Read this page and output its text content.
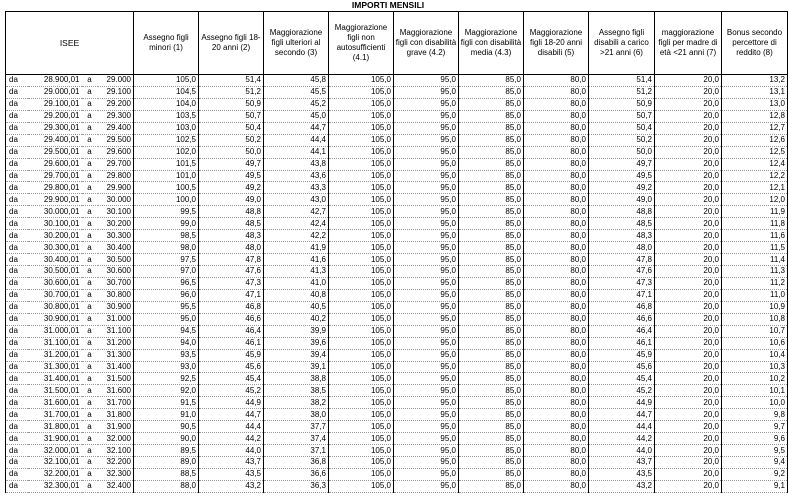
IMPORTI MENSILI
ISEE				Assegno figli minori (1)	Assegno figli 18-20 anni (2)	Maggiorazione figli ulteriori al secondo (3)	Maggiorazione figli non autosufficienti (4.1)	Maggiorazione figli con disabilità grave (4.2)	Maggiorazione figli con disabilità media (4.3)	Maggiorazione figli 18-20 anni disabili (5)	Assegno figli disabili a carico >21 anni (6)	maggiorazione figli per madre di età <21 anni (7)	Bonus secondo percettore di reddito (8)
da	28.900,01	a	29.000	105,0	51,4	45,8	105,0	95,0	85,0	80,0	51,4	20,0	13,2
da	29.000,01	a	29.100	104,5	51,2	45,5	105,0	95,0	85,0	80,0	51,2	20,0	13,1
da	29.100,01	a	29.200	104,0	50,9	45,2	105,0	95,0	85,0	80,0	50,9	20,0	13,0
da	29.200,01	a	29.300	103,5	50,7	45,0	105,0	95,0	85,0	80,0	50,7	20,0	12,8
da	29.300,01	a	29.400	103,0	50,4	44,7	105,0	95,0	85,0	80,0	50,4	20,0	12,7
da	29.400,01	a	29.500	102,5	50,2	44,4	105,0	95,0	85,0	80,0	50,2	20,0	12,6
da	29.500,01	a	29.600	102,0	50,0	44,1	105,0	95,0	85,0	80,0	50,0	20,0	12,5
da	29.600,01	a	29.700	101,5	49,7	43,8	105,0	95,0	85,0	80,0	49,7	20,0	12,4
da	29.700,01	a	29.800	101,0	49,5	43,6	105,0	95,0	85,0	80,0	49,5	20,0	12,2
da	29.800,01	a	29.900	100,5	49,2	43,3	105,0	95,0	85,0	80,0	49,2	20,0	12,1
da	29.900,01	a	30.000	100,0	49,0	43,0	105,0	95,0	85,0	80,0	49,0	20,0	12,0
da	30.000,01	a	30.100	99,5	48,8	42,7	105,0	95,0	85,0	80,0	48,8	20,0	11,9
da	30.100,01	a	30.200	99,0	48,5	42,4	105,0	95,0	85,0	80,0	48,5	20,0	11,8
da	30.200,01	a	30.300	98,5	48,3	42,2	105,0	95,0	85,0	80,0	48,3	20,0	11,6
da	30.300,01	a	30.400	98,0	48,0	41,9	105,0	95,0	85,0	80,0	48,0	20,0	11,5
da	30.400,01	a	30.500	97,5	47,8	41,6	105,0	95,0	85,0	80,0	47,8	20,0	11,4
da	30.500,01	a	30.600	97,0	47,6	41,3	105,0	95,0	85,0	80,0	47,6	20,0	11,3
da	30.600,01	a	30.700	96,5	47,3	41,0	105,0	95,0	85,0	80,0	47,3	20,0	11,2
da	30.700,01	a	30.800	96,0	47,1	40,8	105,0	95,0	85,0	80,0	47,1	20,0	11,0
da	30.800,01	a	30.900	95,5	46,8	40,5	105,0	95,0	85,0	80,0	46,8	20,0	10,9
da	30.900,01	a	31.000	95,0	46,6	40,2	105,0	95,0	85,0	80,0	46,6	20,0	10,8
da	31.000,01	a	31.100	94,5	46,4	39,9	105,0	95,0	85,0	80,0	46,4	20,0	10,7
da	31.100,01	a	31.200	94,0	46,1	39,6	105,0	95,0	85,0	80,0	46,1	20,0	10,6
da	31.200,01	a	31.300	93,5	45,9	39,4	105,0	95,0	85,0	80,0	45,9	20,0	10,4
da	31.300,01	a	31.400	93,0	45,6	39,1	105,0	95,0	85,0	80,0	45,6	20,0	10,3
da	31.400,01	a	31.500	92,5	45,4	38,8	105,0	95,0	85,0	80,0	45,4	20,0	10,2
da	31.500,01	a	31.600	92,0	45,2	38,5	105,0	95,0	85,0	80,0	45,2	20,0	10,1
da	31.600,01	a	31.700	91,5	44,9	38,2	105,0	95,0	85,0	80,0	44,9	20,0	10,0
da	31.700,01	a	31.800	91,0	44,7	38,0	105,0	95,0	85,0	80,0	44,7	20,0	9,8
da	31.800,01	a	31.900	90,5	44,4	37,7	105,0	95,0	85,0	80,0	44,4	20,0	9,7
da	31.900,01	a	32.000	90,0	44,2	37,4	105,0	95,0	85,0	80,0	44,2	20,0	9,6
da	32.000,01	a	32.100	89,5	44,0	37,1	105,0	95,0	85,0	80,0	44,0	20,0	9,5
da	32.100,01	a	32.200	89,0	43,7	36,8	105,0	95,0	85,0	80,0	43,7	20,0	9,4
da	32.200,01	a	32.300	88,5	43,5	36,6	105,0	95,0	85,0	80,0	43,5	20,0	9,2
da	32.300,01	a	32.400	88,0	43,2	36,3	105,0	95,0	85,0	80,0	43,2	20,0	9,1
